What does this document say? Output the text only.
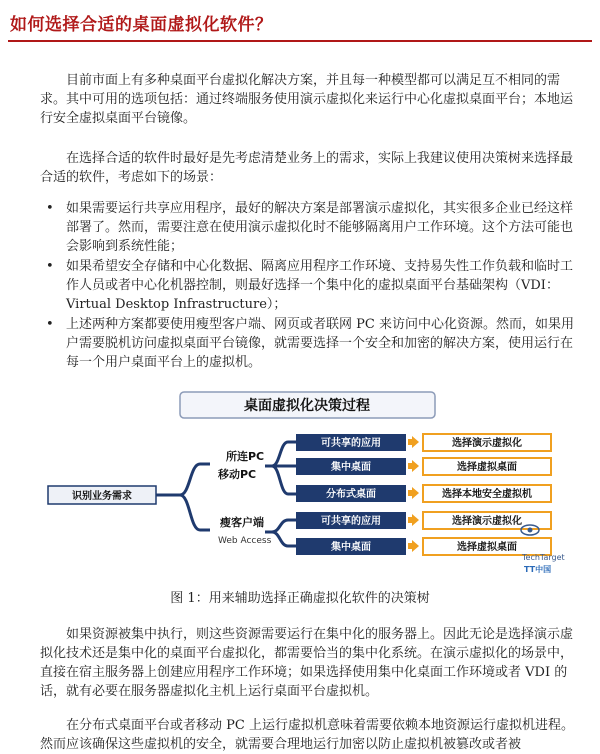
如何选择合适的桌面虚拟化软件？

目前市面上有多种桌面平台虚拟化解决方案，并且每一种模型都可以满足互不相同的需求。其中可用的选项包括：通过终端服务使用演示虚拟化来运行中心化虚拟桌面平台；本地运行安全虚拟桌面平台镜像。

在选择合适的软件时最好是先考虑清楚业务上的需求，实际上我建议使用决策树来选择最合适的软件，考虑如下的场景：

• 如果需要运行共享应用程序，最好的解决方案是部署演示虚拟化，其实很多企业已经这样部署了。然而，需要注意在使用演示虚拟化时不能够隔离用户工作环境。这个方法可能也会影响到系统性能；
• 如果希望安全存储和中心化数据、隔离应用程序工作环境、支持易失性工作负载和临时工作人员或者中心化机器控制，则最好选择一个集中化的虚拟桌面平台基础架构（VDI：Virtual Desktop Infrastructure）；
• 上述两种方案都要使用瘦型客户端、网页或者联网 PC 来访问中心化资源。然而，如果用户需要脱机访问虚拟桌面平台镜像，就需要选择一个安全和加密的解决方案，使用运行在每一个用户桌面平台上的虚拟机。
桌面虚拟化决策过程
识别业务需求
所连PC
移动PC
瘦客户端
Web Access
可共享的应用
集中桌面
分布式桌面
可共享的应用
集中桌面
选择演示虚拟化
选择虚拟桌面
选择本地安全虚拟机
选择演示虚拟化
选择虚拟桌面
TechTarget
TT中国
图 1：用来辅助选择正确虚拟化软件的决策树

如果资源被集中执行，则这些资源需要运行在集中化的服务器上。因此无论是选择演示虚拟化技术还是集中化的桌面平台虚拟化，都需要恰当的集中化系统。在演示虚拟化的场景中，直接在宿主服务器上创建应用程序工作环境；如果选择使用集中化桌面工作环境或者 VDI 的话，就有必要在服务器虚拟化主机上运行桌面平台虚拟机。

在分布式桌面平台或者移动 PC 上运行虚拟机意味着需要依赖本地资源运行虚拟机进程。然而应该确保这些虚拟机的安全，就需要合理地运行加密以防止虚拟机被篡改或者被
